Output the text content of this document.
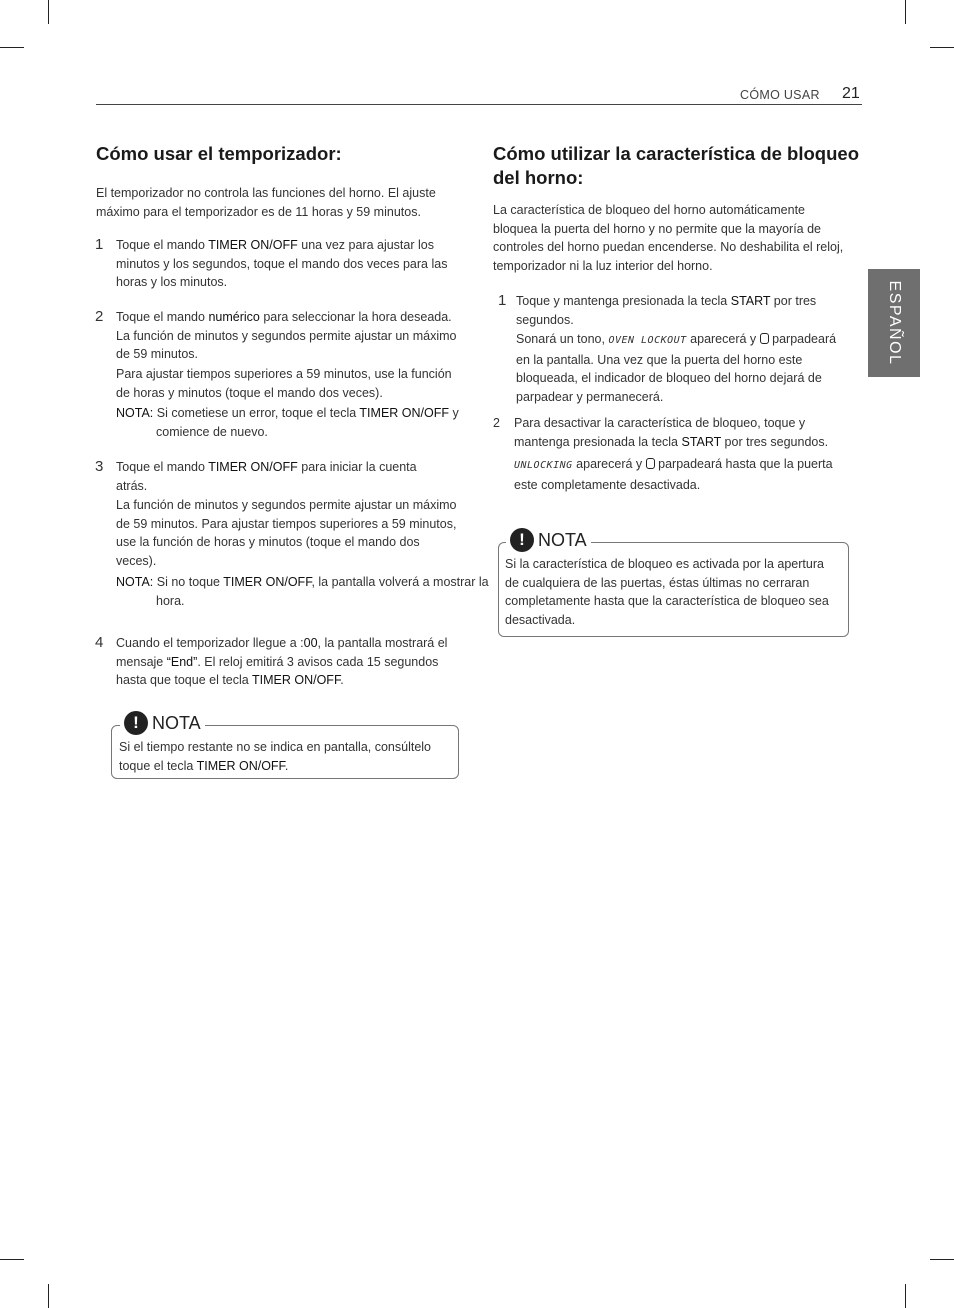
CÓMO USAR 21
ESPAÑOL
Cómo usar el temporizador:

El temporizador no controla las funciones del horno. El ajuste máximo para el temporizador es de 11 horas y 59 minutos.

1 Toque el mando TIMER ON/OFF una vez para ajustar los minutos y los segundos, toque el mando dos veces para las horas y los minutos.

2 Toque el mando numérico para seleccionar la hora deseada. La función de minutos y segundos permite ajustar un máximo de 59 minutos.

Para ajustar tiempos superiores a 59 minutos, use la función de horas y minutos (toque el mando dos veces).

NOTA: Si cometiese un error, toque el tecla TIMER ON/OFF y comience de nuevo.

3 Toque el mando TIMER ON/OFF para iniciar la cuenta atrás.

La función de minutos y segundos permite ajustar un máximo de 59 minutos. Para ajustar tiempos superiores a 59 minutos, use la función de horas y minutos (toque el mando dos veces).

NOTA: Si no toque TIMER ON/OFF, la pantalla volverá a mostrar la hora.

4 Cuando el temporizador llegue a :00, la pantalla mostrará el mensaje “End”. El reloj emitirá 3 avisos cada 15 segundos hasta que toque el tecla TIMER ON/OFF.

! NOTA

Si el tiempo restante no se indica en pantalla, consúltelo toque el tecla TIMER ON/OFF.

Cómo utilizar la característica de bloqueo del horno:

La característica de bloqueo del horno automáticamente bloquea la puerta del horno y no permite que la mayoría de controles del horno puedan encenderse. No deshabilita el reloj, temporizador ni la luz interior del horno.

1 Toque y mantenga presionada la tecla START por tres segundos.

Sonará un tono, OVEN LOCKOUT aparecerá y  parpadeará en la pantalla. Una vez que la puerta del horno este bloqueada, el indicador de bloqueo del horno dejará de parpadear y permanecerá.

2 Para desactivar la característica de bloqueo, toque y mantenga presionada la tecla START por tres segundos.

UNLOCKING aparecerá y  parpadeará hasta que la puerta este completamente desactivada.

! NOTA

Si la característica de bloqueo es activada por la apertura de cualquiera de las puertas, éstas últimas no cerraran completamente hasta que la característica de bloqueo sea desactivada.
